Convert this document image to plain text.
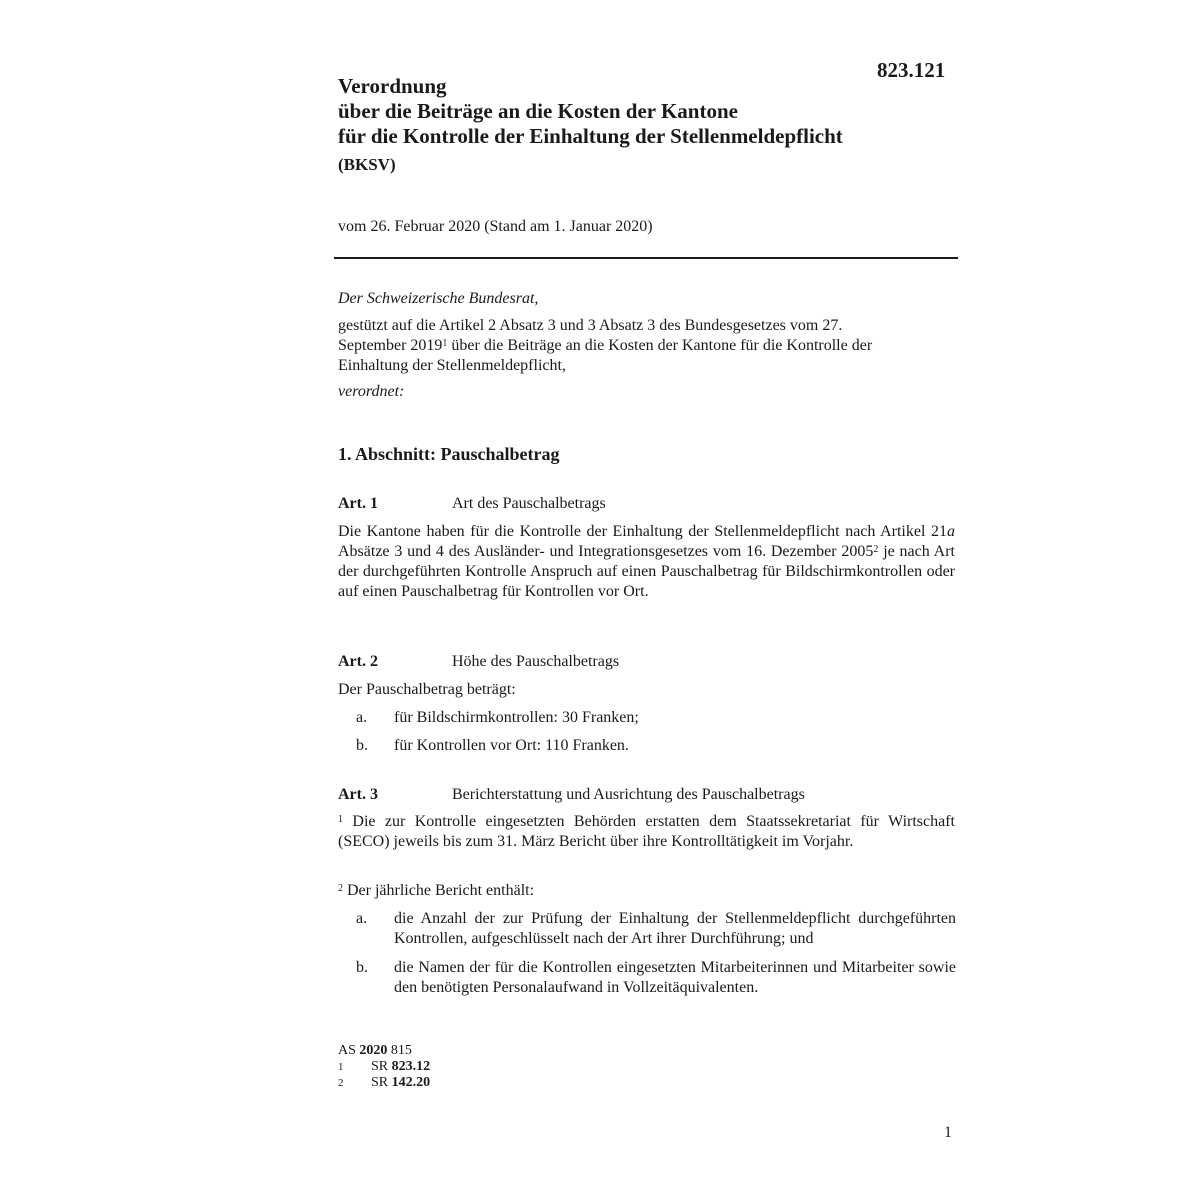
823.121
Verordnung
über die Beiträge an die Kosten der Kantone
für die Kontrolle der Einhaltung der Stellenmeldepflicht
(BKSV)
vom 26. Februar 2020 (Stand am 1. Januar 2020)
Der Schweizerische Bundesrat,
gestützt auf die Artikel 2 Absatz 3 und 3 Absatz 3 des Bundesgesetzes vom 27. September 2019$^1$ über die Beiträge an die Kosten der Kantone für die Kontrolle der Einhaltung der Stellenmeldepflicht,
verordnet:
1. Abschnitt: Pauschalbetrag
Art. 1	Art des Pauschalbetrags
Die Kantone haben für die Kontrolle der Einhaltung der Stellenmeldepflicht nach Artikel 21a Absätze 3 und 4 des Ausländer- und Integrationsgesetzes vom 16. Dezember 2005$^2$ je nach Art der durchgeführten Kontrolle Anspruch auf einen Pauschalbetrag für Bildschirmkontrollen oder auf einen Pauschalbetrag für Kontrollen vor Ort.
Art. 2	Höhe des Pauschalbetrags
Der Pauschalbetrag beträgt:
a. für Bildschirmkontrollen: 30 Franken;
b. für Kontrollen vor Ort: 110 Franken.
Art. 3	Berichterstattung und Ausrichtung des Pauschalbetrags
$^1$ Die zur Kontrolle eingesetzten Behörden erstatten dem Staatssekretariat für Wirtschaft (SECO) jeweils bis zum 31. März Bericht über ihre Kontrolltätigkeit im Vorjahr.
$^2$ Der jährliche Bericht enthält:
a. die Anzahl der zur Prüfung der Einhaltung der Stellenmeldepflicht durchgeführten Kontrollen, aufgeschlüsselt nach der Art ihrer Durchführung; und
b. die Namen der für die Kontrollen eingesetzten Mitarbeiterinnen und Mitarbeiter sowie den benötigten Personalaufwand in Vollzeitäquivalenten.
AS 2020 815
1 SR 823.12
2 SR 142.20
1
